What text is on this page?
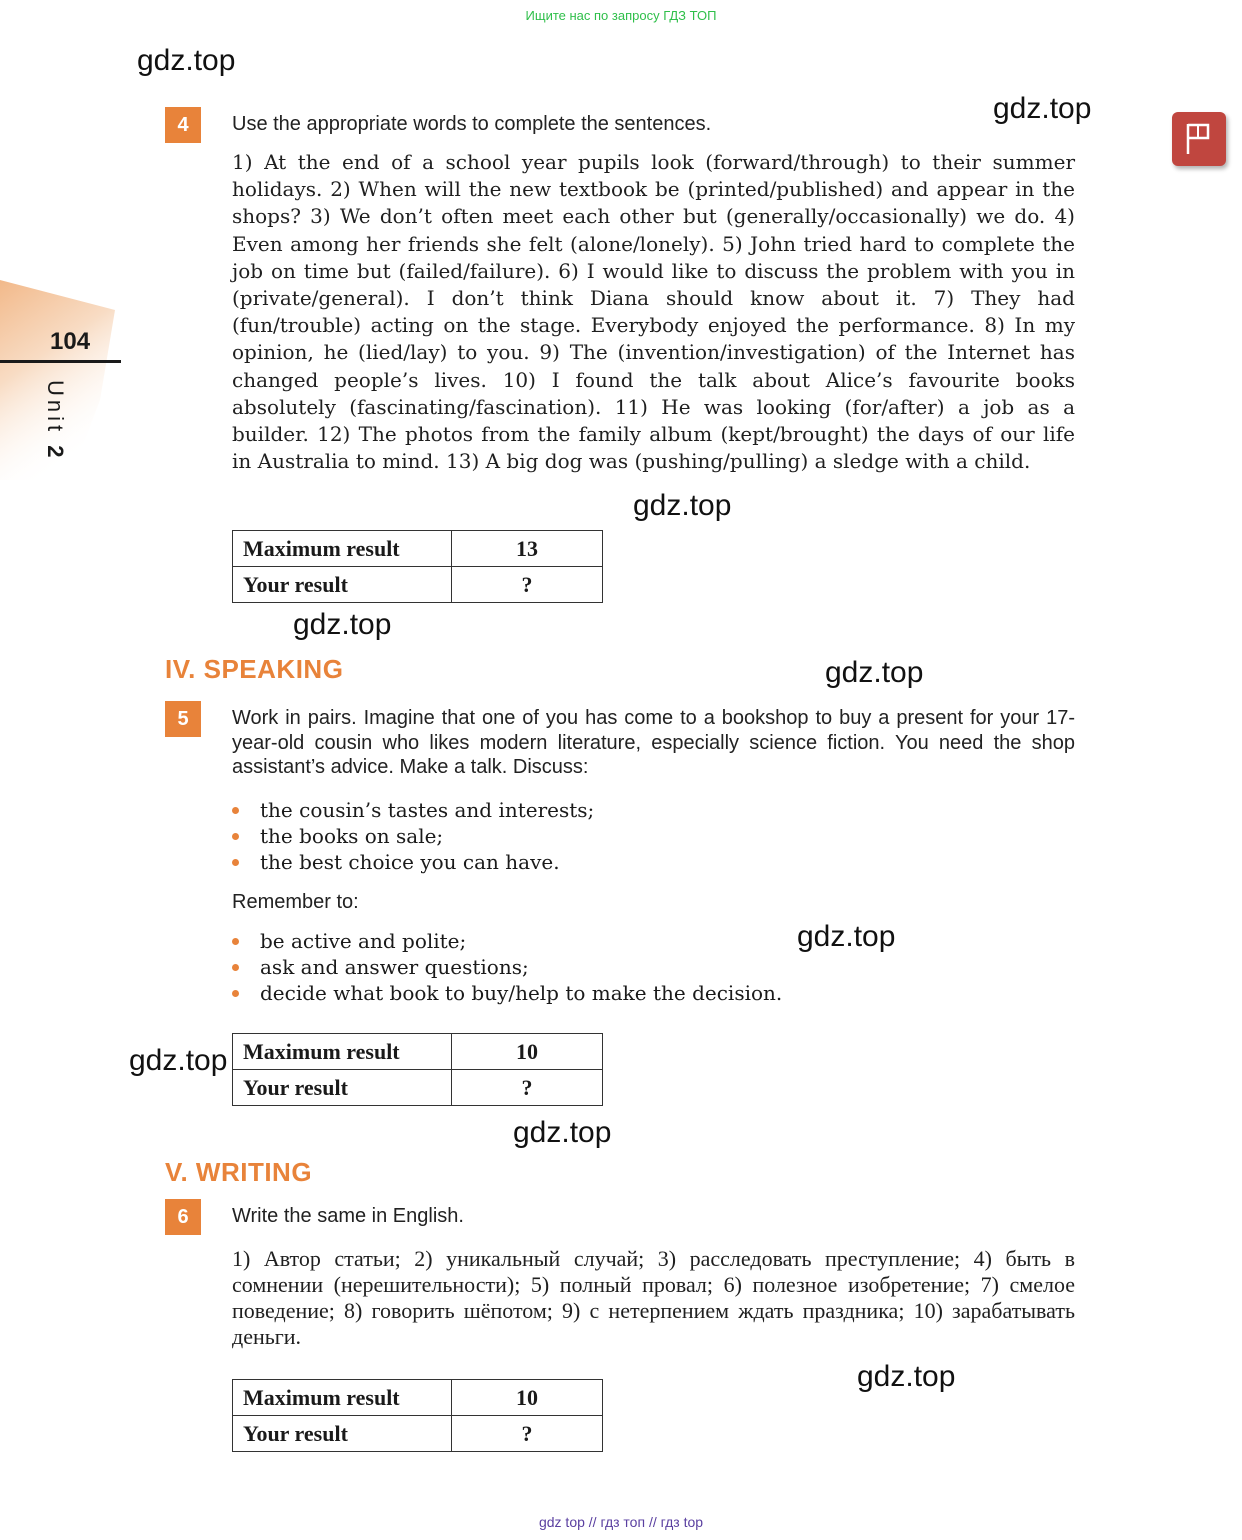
Ищите нас по запросу ГДЗ ТОП
104
Unit 2
gdz.top
gdz.top
gdz.top
gdz.top
gdz.top
gdz.top
gdz.top
gdz.top
gdz.top
4	Use the appropriate words to complete the sentences.
1) At the end of a school year pupils look (forward/through) to their summer holidays. 2) When will the new textbook be (printed/published) and appear in the shops? 3) We don’t often meet each other but (generally/occasionally) we do. 4) Even among her friends she felt (alone/lonely). 5) John tried hard to complete the job on time but (failed/failure). 6) I would like to discuss the problem with you in (private/general). I don’t think Diana should know about it. 7) They had (fun/trouble) acting on the stage. Everybody enjoyed the performance. 8) In my opinion, he (lied/lay) to you. 9) The (invention/investigation) of the Internet has changed people’s lives. 10) I found the talk about Alice’s favourite books absolutely (fascinating/fascination). 11) He was looking (for/after) a job as a builder. 12) The photos from the family album (kept/brought) the days of our life in Australia to mind. 13) A big dog was (pushing/pulling) a sledge with a child.
Maximum result	13
Your result	?
IV. SPEAKING
5	Work in pairs. Imagine that one of you has come to a bookshop to buy a present for your 17-year-old cousin who likes modern literature, especially science fiction. You need the shop assistant’s advice. Make a talk. Discuss:
the cousin’s tastes and interests;
the books on sale;
the best choice you can have.
Remember to:
be active and polite;
ask and answer questions;
decide what book to buy/help to make the decision.
Maximum result	10
Your result	?
V. WRITING
6	Write the same in English.
1) Автор статьи; 2) уникальный случай; 3) расследовать преступление; 4) быть в сомнении (нерешительности); 5) полный провал; 6) полезное изобретение; 7) смелое поведение; 8) говорить шёпотом; 9) с нетерпением ждать праздника; 10) зарабатывать деньги.
Maximum result	10
Your result	?
gdz top // гдз топ // гдз top
